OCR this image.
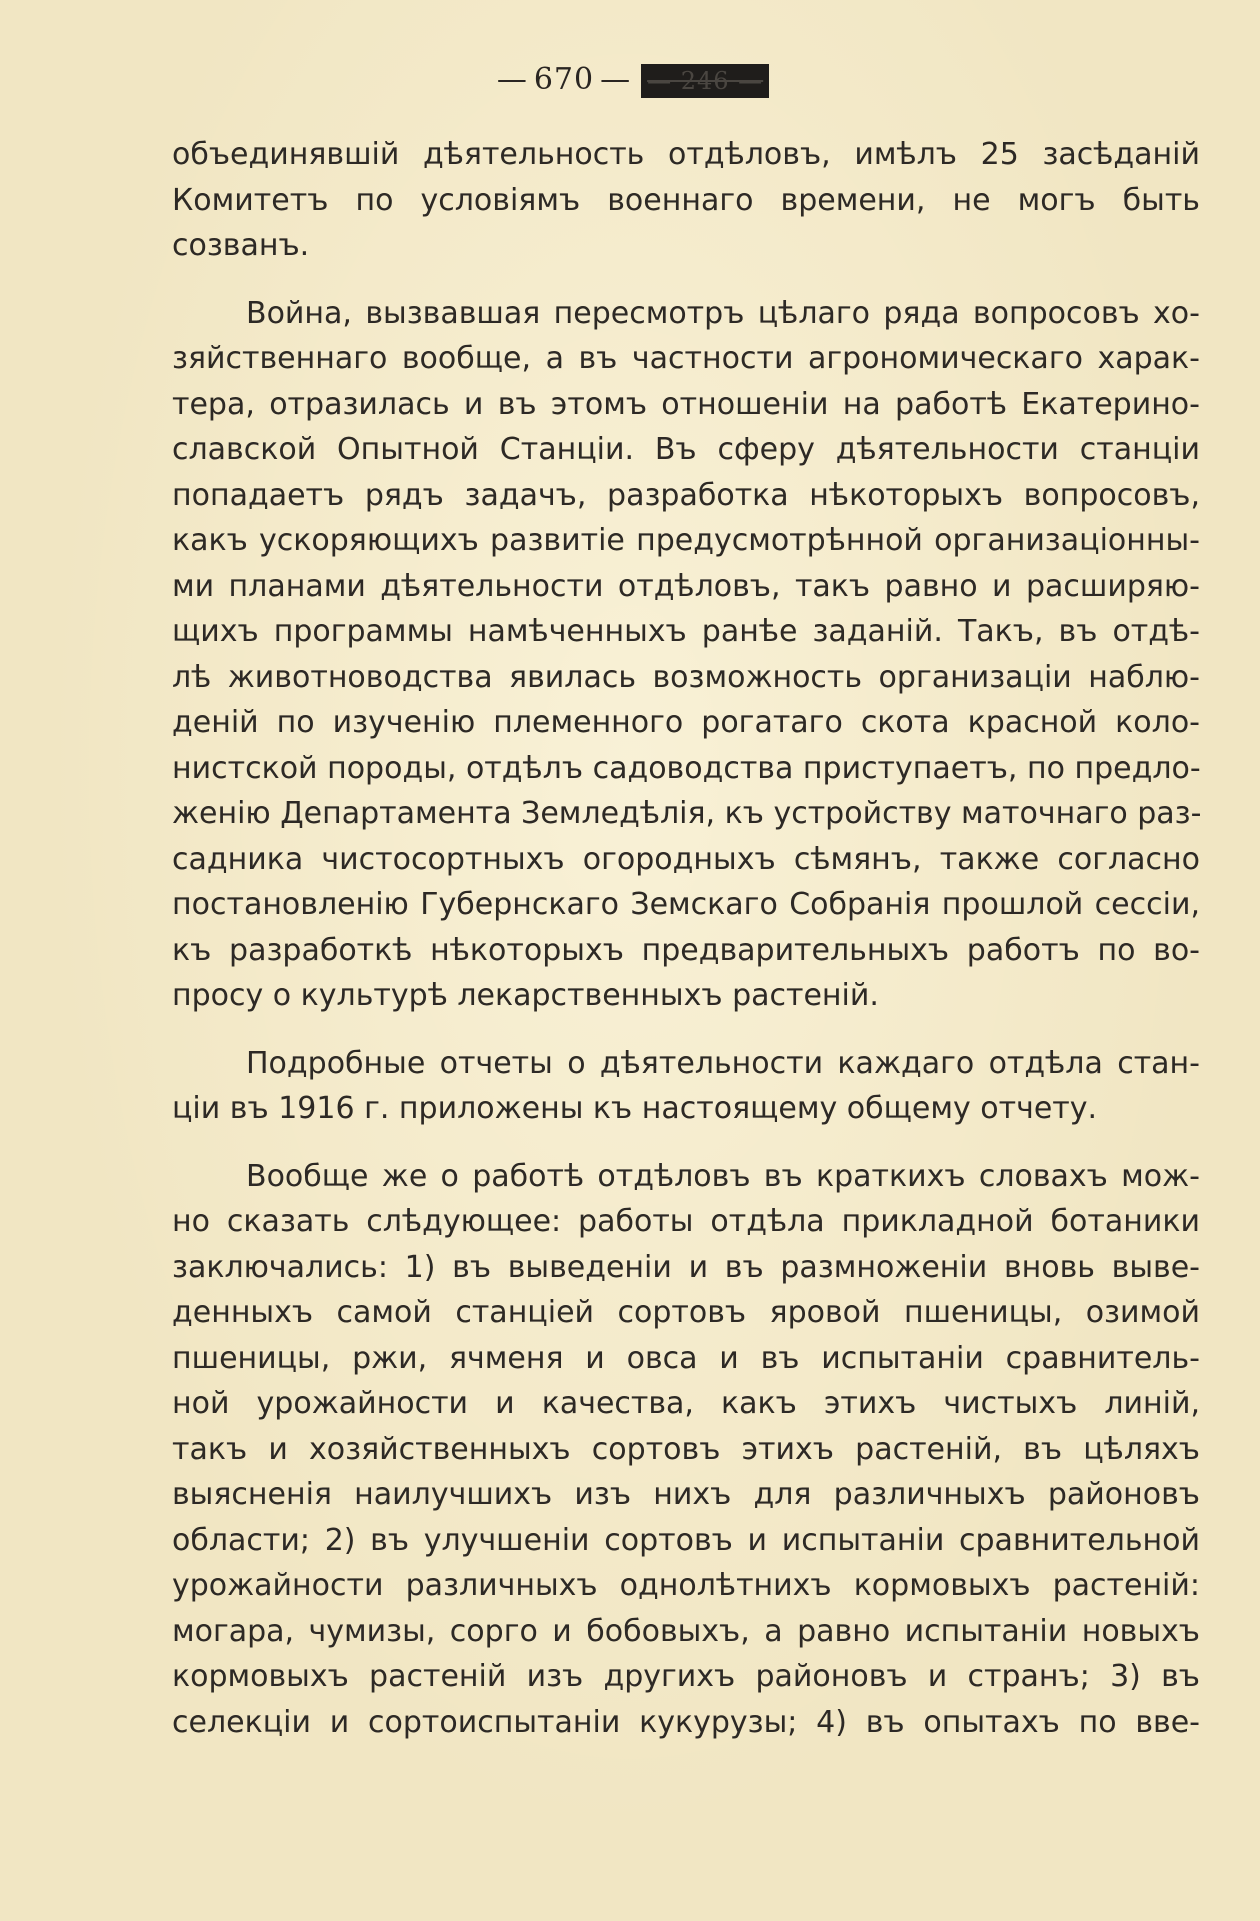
— 670 — — 246 —
объединявшій дѣятельность отдѣловъ, имѣлъ 25 засѣданій
Комитетъ по условіямъ военнаго времени, не могъ быть
созванъ.
Война, вызвавшая пересмотръ цѣлаго ряда вопросовъ хо-
зяйственнаго вообще, а въ частности агрономическаго харак-
тера, отразилась и въ этомъ отношеніи на работѣ Екатерино-
славской Опытной Станціи. Въ сферу дѣятельности станціи
попадаетъ рядъ задачъ, разработка нѣкоторыхъ вопросовъ,
какъ ускоряющихъ развитіе предусмотрѣнной организаціонны-
ми планами дѣятельности отдѣловъ, такъ равно и расширяю-
щихъ программы намѣченныхъ ранѣе заданій. Такъ, въ отдѣ-
лѣ животноводства явилась возможность организаціи наблю-
деній по изученію племенного рогатаго скота красной коло-
нистской породы, отдѣлъ садоводства приступаетъ, по предло-
женію Департамента Земледѣлія, къ устройству маточнаго раз-
садника чистосортныхъ огородныхъ сѣмянъ, также согласно
постановленію Губернскаго Земскаго Собранія прошлой сессіи,
къ разработкѣ нѣкоторыхъ предварительныхъ работъ по во-
просу о культурѣ лекарственныхъ растеній.
Подробные отчеты о дѣятельности каждаго отдѣла стан-
ціи въ 1916 г. приложены къ настоящему общему отчету.
Вообще же о работѣ отдѣловъ въ краткихъ словахъ мож-
но сказать слѣдующее: работы отдѣла прикладной ботаники
заключались: 1) въ выведеніи и въ размноженіи вновь выве-
денныхъ самой станціей сортовъ яровой пшеницы, озимой
пшеницы, ржи, ячменя и овса и въ испытаніи сравнитель-
ной урожайности и качества, какъ этихъ чистыхъ линій,
такъ и хозяйственныхъ сортовъ этихъ растеній, въ цѣляхъ
выясненія наилучшихъ изъ нихъ для различныхъ районовъ
области; 2) въ улучшеніи сортовъ и испытаніи сравнительной
урожайности различныхъ однолѣтнихъ кормовыхъ растеній:
могара, чумизы, сорго и бобовыхъ, а равно испытаніи новыхъ
кормовыхъ растеній изъ другихъ районовъ и странъ; 3) въ
селекціи и сортоиспытаніи кукурузы; 4) въ опытахъ по вве-
